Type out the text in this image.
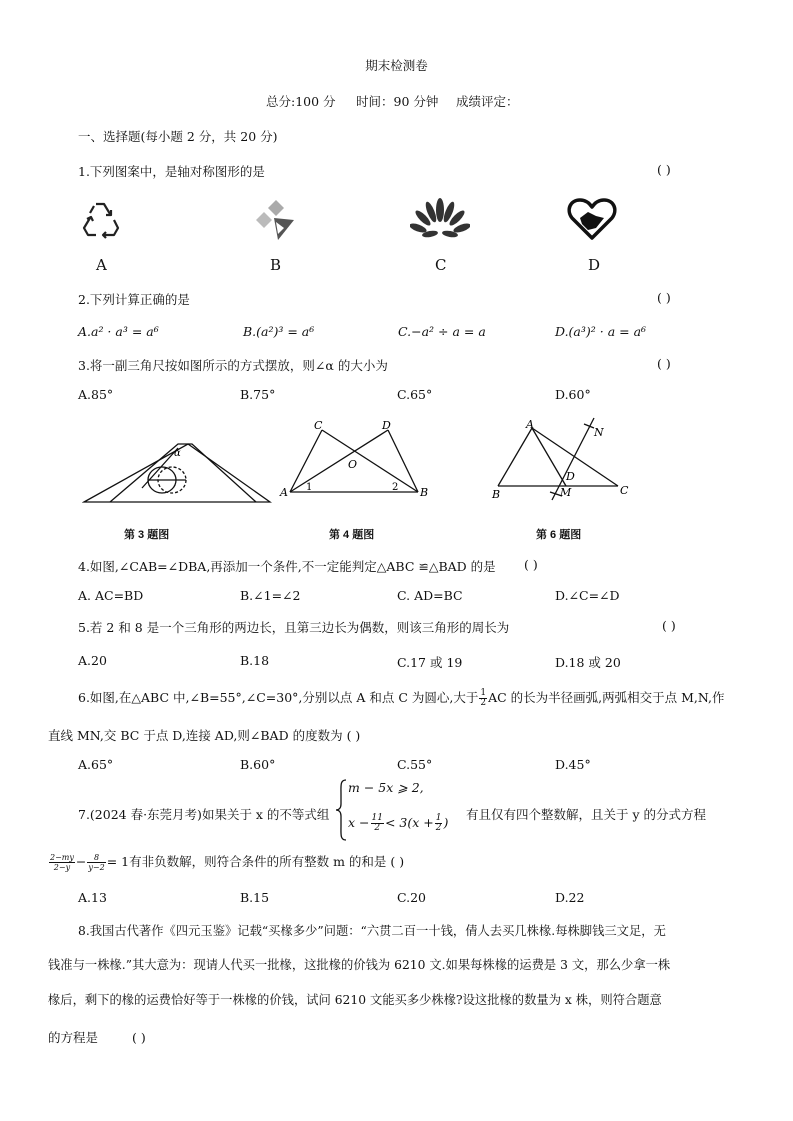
期末检测卷
总分:100 分 时间：90 分钟 成绩评定：
一、选择题(每小题 2 分，共 20 分)
1.下列图案中，是轴对称图形的是	( )
A	B	C	D
2.下列计算正确的是	( )
A.a² · a³ = a⁶	B.(a²)³ = a⁶	C.−a² ÷ a = a	D.(a³)² · a = a⁶
3.将一副三角尺按如图所示的方式摆放，则∠α 的大小为	( )
A.85°	B.75°	C.65°	D.60°
α
C	D
O
A	B
1	2
A
N
D
M
B	C
第 3 题图	第 4 题图	第 6 题图
4.如图,∠CAB=∠DBA,再添加一个条件,不一定能判定△ABC ≌△BAD 的是 ( )
A. AC=BD	B.∠1=∠2	C. AD=BC	D.∠C=∠D
5.若 2 和 8 是一个三角形的两边长，且第三边长为偶数，则该三角形的周长为	( )
A.20	B.18	C.17 或 19	D.18 或 20
6.如图,在△ABC 中,∠B=55°,∠C=30°,分别以点 A 和点 C 为圆心,大于 $\frac{1}{2}$ AC 的长为半径画弧,两弧相交于点 M,N,作
直线 MN,交 BC 于点 D,连接 AD,则∠BAD 的度数为 ( )
A.65°	B.60°	C.55°	D.45°
7.(2024 春·东莞月考)如果关于 x 的不等式组
m − 5x ⩾ 2,
$x - \frac{11}{2} < 3(x + \frac{1}{2}$ )
有且仅有四个整数解，且关于 y 的分式方程
$\frac{2-my}{2-y} - \frac{8}{y-2} = 1$有非负数解，则符合条件的所有整数 m 的和是 ( )
A.13	B.15	C.20	D.22
8.我国古代著作《四元玉鉴》记载“买椽多少”问题：“六贯二百一十钱，倩人去买几株椽.每株脚钱三文足，无
钱准与一株椽.”其大意为：现请人代买一批椽，这批椽的价钱为 6210 文.如果每株椽的运费是 3 文，那么少拿一株
椽后，剩下的椽的运费恰好等于一株椽的价钱，试问 6210 文能买多少株椽?设这批椽的数量为 x 株，则符合题意
的方程是	( )
